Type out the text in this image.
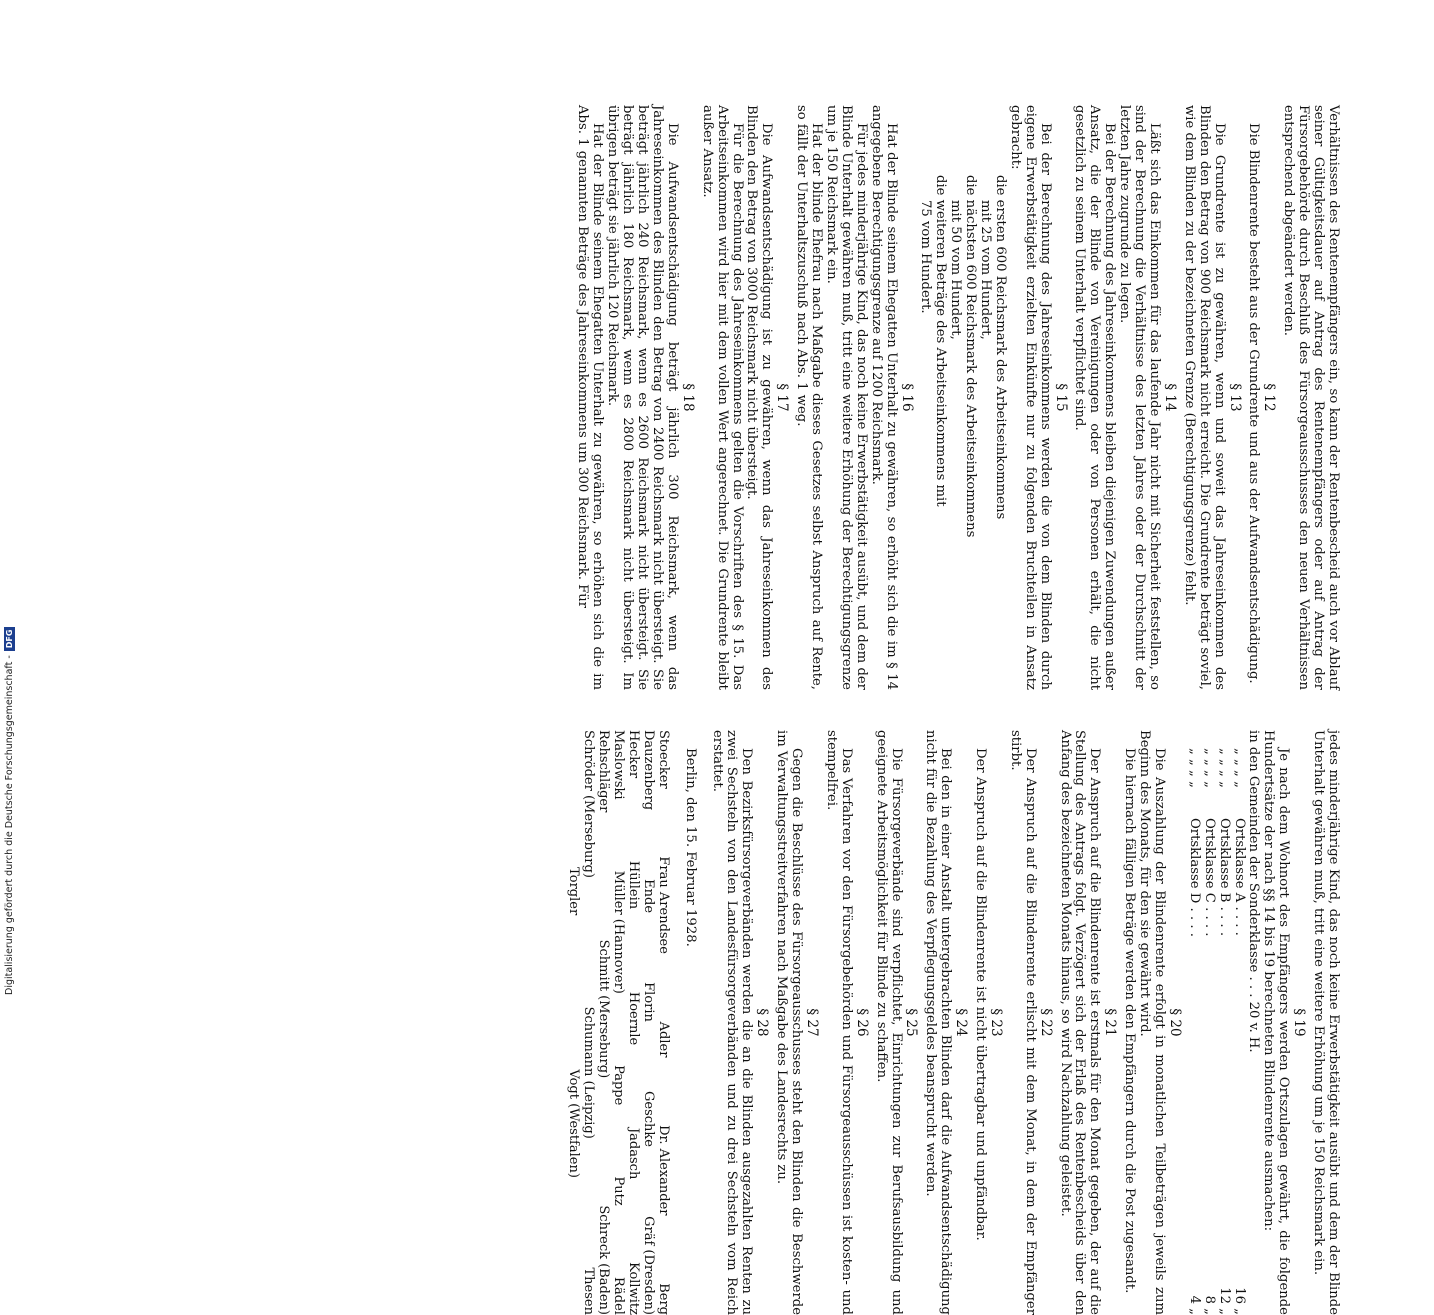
Verhältnissen des Rentenempfängers ein, so kann der Rentenbescheid auch vor Ablauf seiner Gültigkeitsdauer auf Antrag des Rentenempfängers oder auf Antrag der Fürsorgebehörde durch Beschluß des Fürsorgeausschusses den neuen Verhältnissen entsprechend abgeändert werden.

§ 12

Die Blindenrente besteht aus der Grundrente und aus der Aufwandsentschädigung.

§ 13

Die Grundrente ist zu gewähren, wenn und soweit das Jahreseinkommen des Blinden den Betrag von 900 Reichsmark nicht erreicht. Die Grundrente beträgt soviel, wie dem Blinden zu der bezeichneten Grenze (Berechtigungsgrenze) fehlt.

§ 14

Läßt sich das Einkommen für das laufende Jahr nicht mit Sicherheit feststellen, so sind der Berechnung die Verhältnisse des letzten Jahres oder der Durchschnitt der letzten Jahre zugrunde zu legen.

Bei der Berechnung des Jahreseinkommens bleiben diejenigen Zuwendungen außer Ansatz, die der Blinde von Vereinigungen oder von Personen erhält, die nicht gesetzlich zu seinem Unterhalt verpflichtet sind.

§ 15

Bei der Berechnung des Jahreseinkommens werden die von dem Blinden durch eigene Erwerbstätigkeit erzielten Einkünfte nur zu folgenden Bruchteilen in Ansatz gebracht:

die ersten 600 Reichsmark des Arbeitseinkommens

mit 25 vom Hundert,

die nächsten 600 Reichsmark des Arbeitseinkommens

mit 50 vom Hundert,

die weiteren Beträge des Arbeitseinkommens mit

75 vom Hundert.

§ 16

Hat der Blinde seinem Ehegatten Unterhalt zu gewähren, so erhöht sich die im § 14 angegebene Berechtigungsgrenze auf 1200 Reichsmark.

Für jedes minderjährige Kind, das noch keine Erwerbstätigkeit ausübt, und dem der Blinde Unterhalt gewähren muß, tritt eine weitere Erhöhung der Berechtigungsgrenze um je 150 Reichsmark ein.

Hat der blinde Ehefrau nach Maßgabe dieses Gesetzes selbst Anspruch auf Rente, so fällt der Unterhaltszuschuß nach Abs. 1 weg.

§ 17

Die Aufwandsentschädigung ist zu gewähren, wenn das Jahreseinkommen des Blinden den Betrag von 3000 Reichsmark nicht übersteigt.

Für die Berechnung des Jahreseinkommens gelten die Vorschriften des § 15. Das Arbeitseinkommen wird hier mit dem vollen Wert angerechnet. Die Grundrente bleibt außer Ansatz.

§ 18

Die Aufwandsentschädigung beträgt jährlich 300 Reichsmark, wenn das Jahreseinkommen des Blinden den Betrag von 2400 Reichsmark nicht übersteigt. Sie beträgt jährlich 240 Reichsmark, wenn es 2600 Reichsmark nicht übersteigt. Sie beträgt jährlich 180 Reichsmark, wenn es 2800 Reichsmark nicht übersteigt. Im übrigen beträgt sie jährlich 120 Reichsmark.

Hat der Blinde seinem Ehegatten Unterhalt zu gewähren, so erhöhen sich die im Abs. 1 genannten Beträge des Jahreseinkommens um 300 Reichsmark. Für

jedes minderjährige Kind, das noch keine Erwerbstätigkeit ausübt und dem der Blinde Unterhalt gewähren muß, tritt eine weitere Erhöhung um je 150 Reichsmark ein.

§ 19

Je nach dem Wohnort des Empfängers werden Ortszulagen gewährt, die folgende Hundertsätze der nach §§ 14 bis 19 berechneten Blindenrente ausmachen:

in den Gemeinden der Sonderklasse . . . 20 v. H.

„ „ „ „
Ortsklasse A . . . .
16 „
„ „ „ „
Ortsklasse B . . . .
12 „
„ „ „ „
Ortsklasse C . . . .
8 „
„ „ „ „
Ortsklasse D . . . .
4 „
§ 20

Die Auszahlung der Blindenrente erfolgt in monatlichen Teilbeträgen jeweils zum Beginn des Monats, für den sie gewährt wird.

Die hiernach fälligen Beträge werden den Empfängern durch die Post zugesandt.

§ 21

Der Anspruch auf die Blindenrente ist erstmals für den Monat gegeben, der auf die Stellung des Antrags folgt. Verzögert sich der Erlaß des Rentenbescheids über den Anfang des bezeichneten Monats hinaus, so wird Nachzahlung geleistet.

§ 22

Der Anspruch auf die Blindenrente erlischt mit dem Monat, in dem der Empfänger stirbt.

§ 23

Der Anspruch auf die Blindenrente ist nicht übertragbar und unpfändbar.

§ 24

Bei den in einer Anstalt untergebrachten Blinden darf die Aufwandsentschädigung nicht für die Bezahlung des Verpflegungsgeldes beansprucht werden.

§ 25

Die Fürsorgeverbände sind verpflichtet, Einrichtungen zur Berufsausbildung und geeignete Arbeitsmöglichkeit für Blinde zu schaffen.

§ 26

Das Verfahren vor den Fürsorgebehörden und Fürsorgeausschüssen ist kosten- und stempelfrei.

§ 27

Gegen die Beschlüsse des Fürsorgeausschusses steht den Blinden die Beschwerde im Verwaltungsstreitverfahren nach Maßgabe des Landesrechts zu.

§ 28

Den Bezirksfürsorgeverbänden werden die an die Blinden ausgezahlten Renten zu zwei Sechsteln von den Landesfürsorgeverbänden und zu drei Sechsteln vom Reich erstattet.

Berlin, den 15. Februar 1928.

Stoecker
Frau Arendsee
Adler
Dr. Alexander
Berg
Dauzenberg
Ende
Florin
Geschke
Gräf (Dresden)
Hecker
Hüllein
Hoernle
Jadasch
Kollwitz
Maslowski
Müller (Hannover)
Pappe
Putz
Rädel
Rehschläger
Schmitt (Merseburg)
Schreck (Baden)
Schröder (Merseburg)
Schumann (Leipzig)
Thesen
Torgler
Vogt (Westfalen)
Digitalisierung gefördert durch die Deutsche Forschungsgemeinschaft -DFG
